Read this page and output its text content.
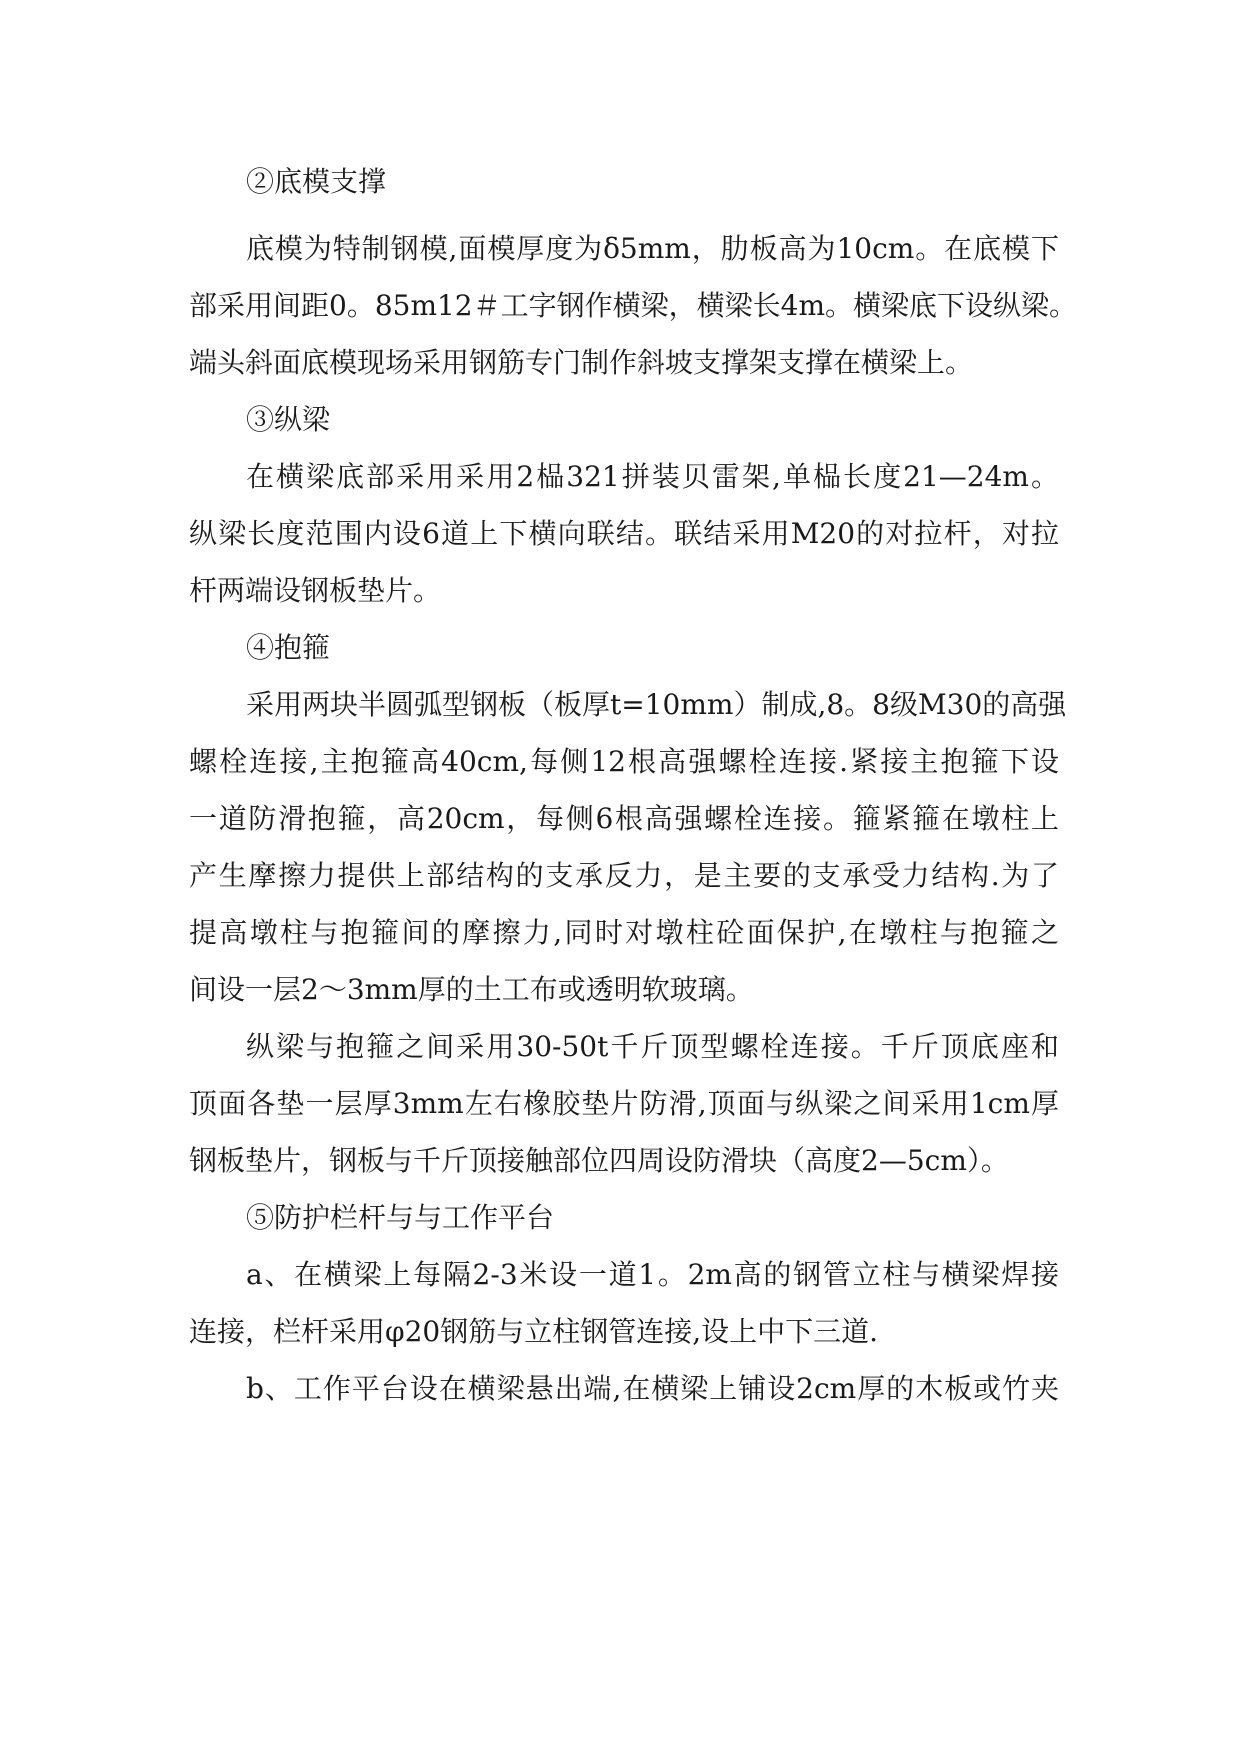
②底模支撑
底模为特制钢模,面模厚度为δ5mm，肋板高为10cm。在底模下
部采用间距0。85m12＃工字钢作横梁，横梁长4m。横梁底下设纵梁。
端头斜面底模现场采用钢筋专门制作斜坡支撑架支撑在横梁上。
③纵梁
在横梁底部采用采用2榀321拼装贝雷架,单榀长度21—24m。
纵梁长度范围内设6道上下横向联结。联结采用M20的对拉杆，对拉
杆两端设钢板垫片。
④抱箍
采用两块半圆弧型钢板（板厚t=10mm）制成,8。8级M30的高强
螺栓连接,主抱箍高40cm,每侧12根高强螺栓连接.紧接主抱箍下设
一道防滑抱箍，高20cm，每侧6根高强螺栓连接。箍紧箍在墩柱上
产生摩擦力提供上部结构的支承反力，是主要的支承受力结构.为了
提高墩柱与抱箍间的摩擦力,同时对墩柱砼面保护,在墩柱与抱箍之
间设一层2～3mm厚的土工布或透明软玻璃。
纵梁与抱箍之间采用30-50t千斤顶型螺栓连接。千斤顶底座和
顶面各垫一层厚3mm左右橡胶垫片防滑,顶面与纵梁之间采用1cm厚
钢板垫片，钢板与千斤顶接触部位四周设防滑块（高度2—5cm）。
⑤防护栏杆与与工作平台
a、在横梁上每隔2-3米设一道1。2m高的钢管立柱与横梁焊接
连接，栏杆采用φ20钢筋与立柱钢管连接,设上中下三道.
b、工作平台设在横梁悬出端,在横梁上铺设2cm厚的木板或竹夹
